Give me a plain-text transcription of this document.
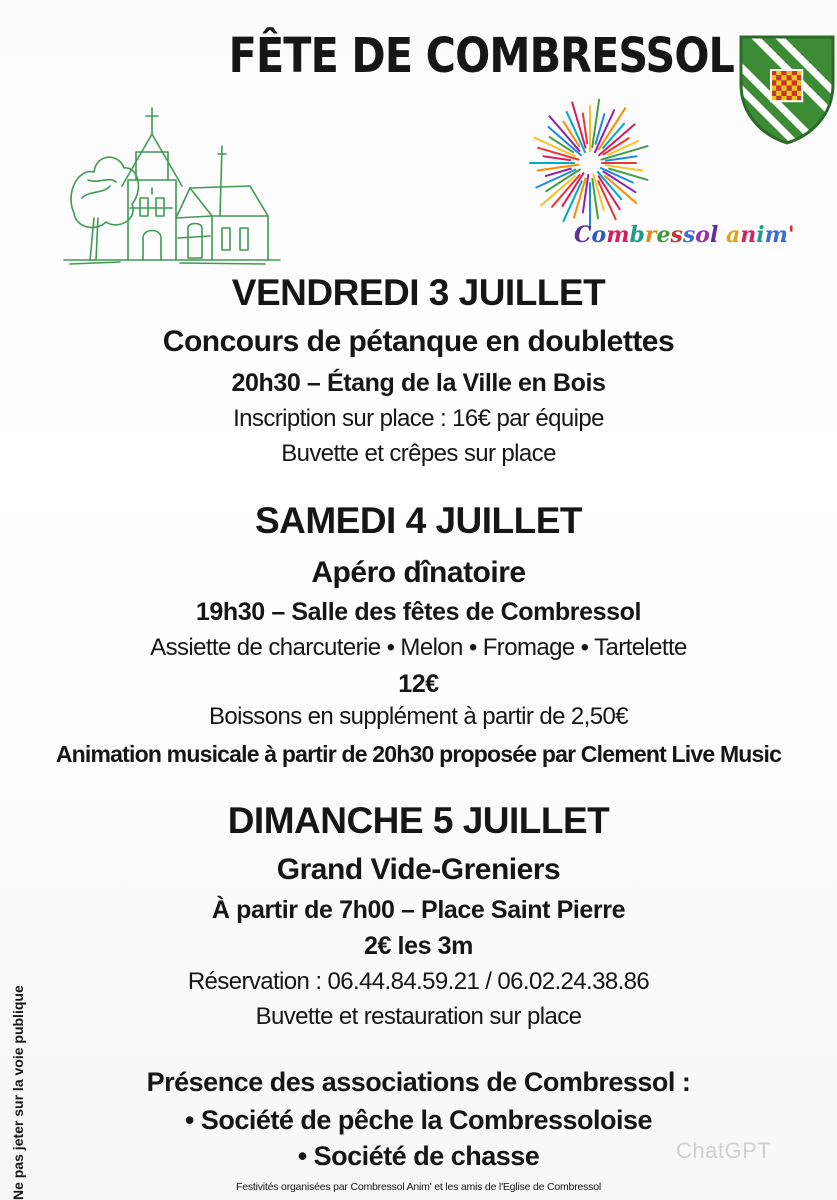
FÊTE DE COMBRESSOL
Combressol anim'
VENDREDI 3 JUILLET
Concours de pétanque en doublettes
20h30 – Étang de la Ville en Bois
Inscription sur place : 16€ par équipe
Buvette et crêpes sur place
SAMEDI 4 JUILLET
Apéro dînatoire
19h30 – Salle des fêtes de Combressol
Assiette de charcuterie • Melon • Fromage • Tartelette
12€
Boissons en supplément à partir de 2,50€
Animation musicale à partir de 20h30 proposée par Clement Live Music
DIMANCHE 5 JUILLET
Grand Vide-Greniers
À partir de 7h00 – Place Saint Pierre
2€ les 3m
Réservation : 06.44.84.59.21 / 06.02.24.38.86
Buvette et restauration sur place
Présence des associations de Combressol :
• Société de pêche la Combressoloise
• Société de chasse	ChatGPT
Festivités organisées par Combressol Anim' et les amis de l'Eglise de Combressol
Ne pas jeter sur la voie publique
